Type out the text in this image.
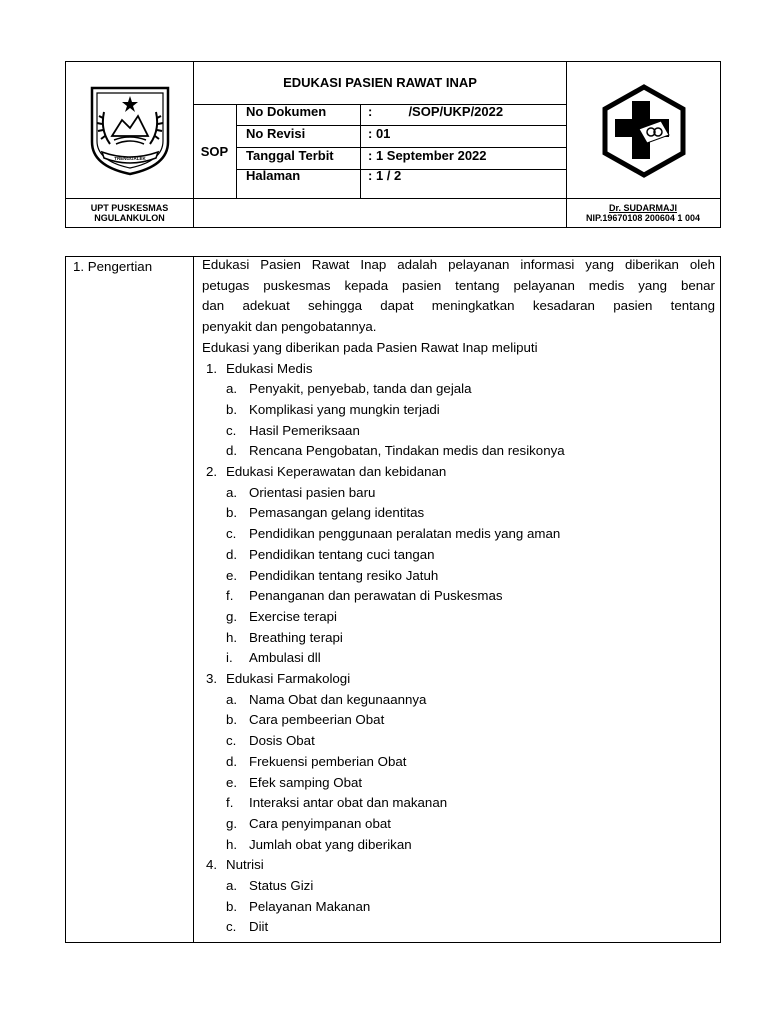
TRENGGALEK
EDUKASI PASIEN RAWAT INAP
SOP
No Dokumen	:          /SOP/UKP/2022
No Revisi	: 01
Tanggal Terbit	: 1 September 2022
Halaman	: 1 / 2
UPT PUSKESMAS
NGULANKULON
Dr. SUDARMAJI
NIP.19670108 200604 1 004
1. Pengertian	Edukasi Pasien Rawat Inap adalah pelayanan informasi yang diberikan oleh
petugas puskesmas kepada pasien tentang pelayanan medis yang benar
dan adekuat sehingga dapat meningkatkan kesadaran pasien tentang
penyakit dan pengobatannya.
Edukasi yang diberikan pada Pasien Rawat Inap meliputi
1. Edukasi Medis
a. Penyakit, penyebab, tanda dan gejala
b. Komplikasi yang mungkin terjadi
c. Hasil Pemeriksaan
d. Rencana Pengobatan, Tindakan medis dan resikonya
2. Edukasi Keperawatan dan kebidanan
a. Orientasi pasien baru
b. Pemasangan gelang identitas
c. Pendidikan penggunaan peralatan medis yang aman
d. Pendidikan tentang cuci tangan
e. Pendidikan tentang resiko Jatuh
f. Penanganan dan perawatan di Puskesmas
g. Exercise terapi
h. Breathing terapi
i. Ambulasi dll
3. Edukasi Farmakologi
a. Nama Obat dan kegunaannya
b. Cara pembeerian Obat
c. Dosis Obat
d. Frekuensi pemberian Obat
e. Efek samping Obat
f. Interaksi antar obat dan makanan
g. Cara penyimpanan obat
h. Jumlah obat yang diberikan
4. Nutrisi
a. Status Gizi
b. Pelayanan Makanan
c. Diit
